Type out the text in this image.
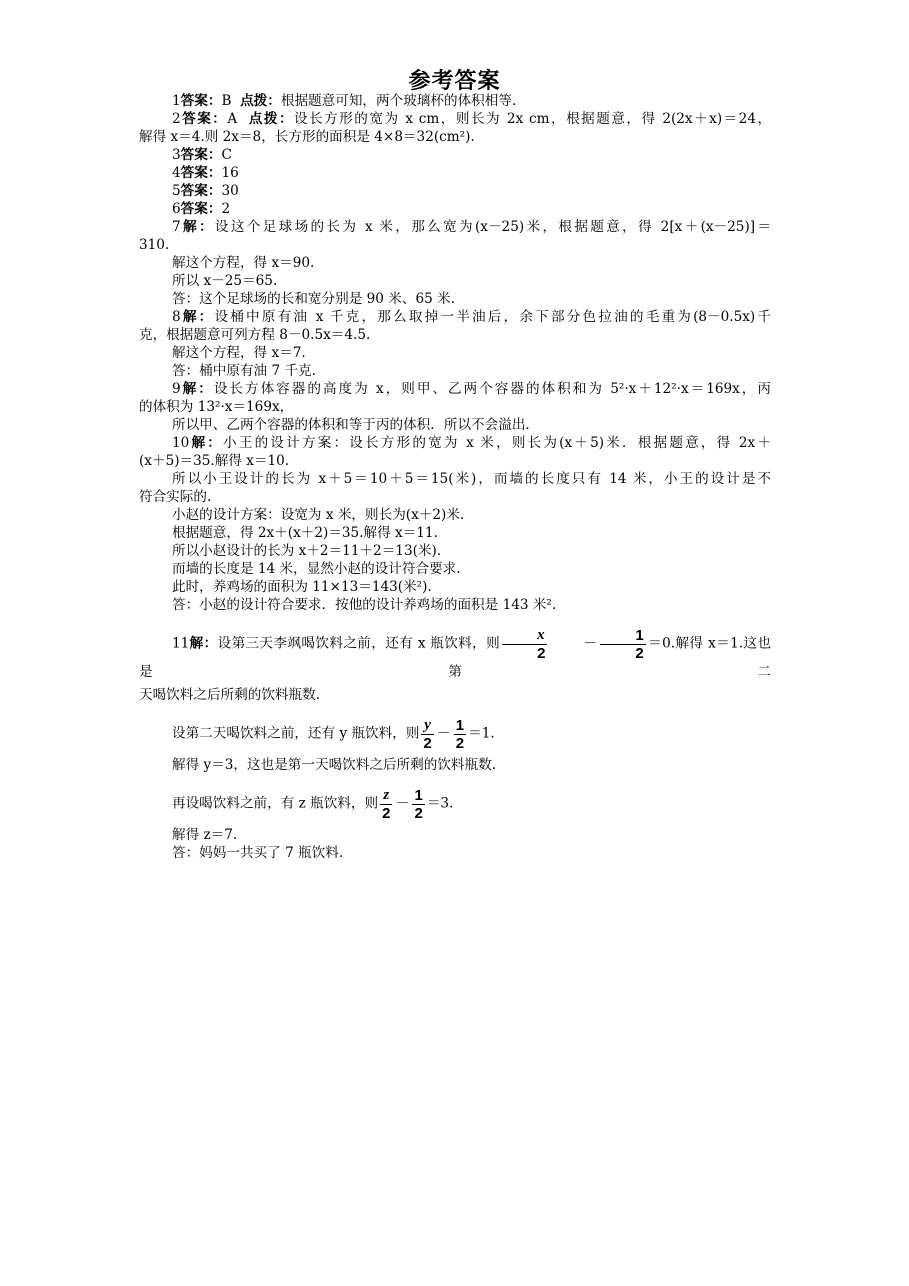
参考答案

1答案：B 点拨：根据题意可知，两个玻璃杯的体积相等.

2答案：A 点拨：设长方形的宽为 x cm，则长为 2x cm，根据题意，得 2(2x＋x)＝24，

解得 x＝4.则 2x＝8，长方形的面积是 4×8＝32(cm²).

3答案：C

4答案：16

5答案：30

6答案：2

7解：设这个足球场的长为 x 米，那么宽为(x－25)米，根据题意，得 2[x＋(x－25)]＝

310.

解这个方程，得 x＝90.

所以 x－25＝65.

答：这个足球场的长和宽分别是 90 米、65 米.

8解：设桶中原有油 x 千克，那么取掉一半油后，余下部分色拉油的毛重为(8－0.5x)千

克，根据题意可列方程 8－0.5x＝4.5.

解这个方程，得 x＝7.

答：桶中原有油 7 千克.

9解：设长方体容器的高度为 x，则甲、乙两个容器的体积和为 5²·x＋12²·x＝169x，丙

的体积为 13²·x＝169x，

所以甲、乙两个容器的体积和等于丙的体积．所以不会溢出.

10解：小王的设计方案：设长方形的宽为 x 米，则长为(x＋5)米．根据题意，得 2x＋

(x＋5)＝35.解得 x＝10.

所以小王设计的长为 x＋5＝10＋5＝15(米)，而墙的长度只有 14 米，小王的设计是不

符合实际的.

小赵的设计方案：设宽为 x 米，则长为(x＋2)米.

根据题意，得 2x＋(x＋2)＝35.解得 x＝11.

所以小赵设计的长为 x＋2＝11＋2＝13(米).

而墙的长度是 14 米，显然小赵的设计符合要求.

此时，养鸡场的面积为 11×13＝143(米²).

答：小赵的设计符合要求．按他的设计养鸡场的面积是 143 米².

11解：设第三天李飒喝饮料之前，还有 x 瓶饮料，则 $\frac{x}{2}$	－ $\frac{1}{2} =0$.解得 x＝1.这也是第二

天喝饮料之后所剩的饮料瓶数.

设第二天喝饮料之前，还有 y 瓶饮料，则 $\frac{y}{2} - \frac{1}{2} =1$.

解得 y＝3，这也是第一天喝饮料之后所剩的饮料瓶数.

再设喝饮料之前，有 z 瓶饮料，则 $\frac{z}{2} - \frac{1}{2} =3$.

解得 z＝7.

答：妈妈一共买了 7 瓶饮料.
